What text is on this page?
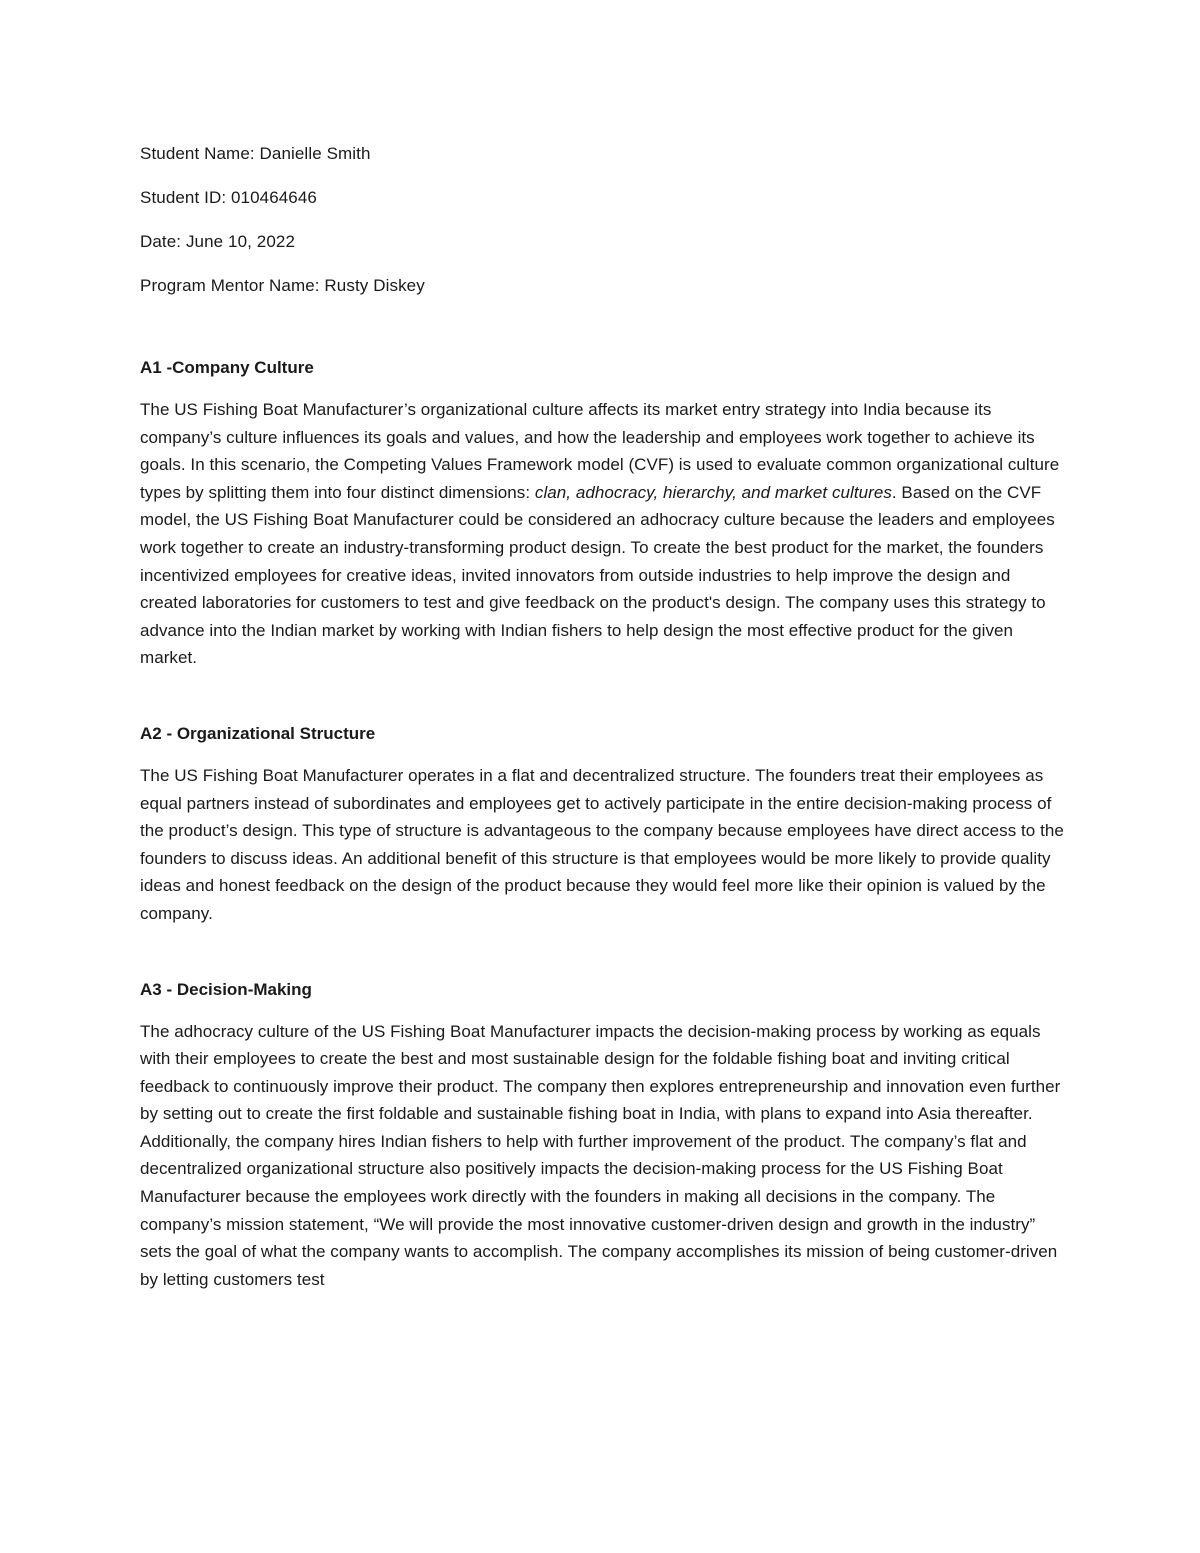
Student Name: Danielle Smith

Student ID: 010464646

Date: June 10, 2022

Program Mentor Name: Rusty Diskey

A1 -Company Culture

The US Fishing Boat Manufacturer’s organizational culture affects its market entry strategy into India because its company’s culture influences its goals and values, and how the leadership and employees work together to achieve its goals. In this scenario, the Competing Values Framework model (CVF) is used to evaluate common organizational culture types by splitting them into four distinct dimensions: clan, adhocracy, hierarchy, and market cultures. Based on the CVF model, the US Fishing Boat Manufacturer could be considered an adhocracy culture because the leaders and employees work together to create an industry-transforming product design. To create the best product for the market, the founders incentivized employees for creative ideas, invited innovators from outside industries to help improve the design and created laboratories for customers to test and give feedback on the product's design. The company uses this strategy to advance into the Indian market by working with Indian fishers to help design the most effective product for the given market.

A2 - Organizational Structure

The US Fishing Boat Manufacturer operates in a flat and decentralized structure. The founders treat their employees as equal partners instead of subordinates and employees get to actively participate in the entire decision-making process of the product’s design. This type of structure is advantageous to the company because employees have direct access to the founders to discuss ideas. An additional benefit of this structure is that employees would be more likely to provide quality ideas and honest feedback on the design of the product because they would feel more like their opinion is valued by the company.

A3 - Decision-Making

The adhocracy culture of the US Fishing Boat Manufacturer impacts the decision-making process by working as equals with their employees to create the best and most sustainable design for the foldable fishing boat and inviting critical feedback to continuously improve their product. The company then explores entrepreneurship and innovation even further by setting out to create the first foldable and sustainable fishing boat in India, with plans to expand into Asia thereafter. Additionally, the company hires Indian fishers to help with further improvement of the product. The company’s flat and decentralized organizational structure also positively impacts the decision-making process for the US Fishing Boat Manufacturer because the employees work directly with the founders in making all decisions in the company. The company’s mission statement, “We will provide the most innovative customer-driven design and growth in the industry” sets the goal of what the company wants to accomplish. The company accomplishes its mission of being customer-driven by letting customers test
